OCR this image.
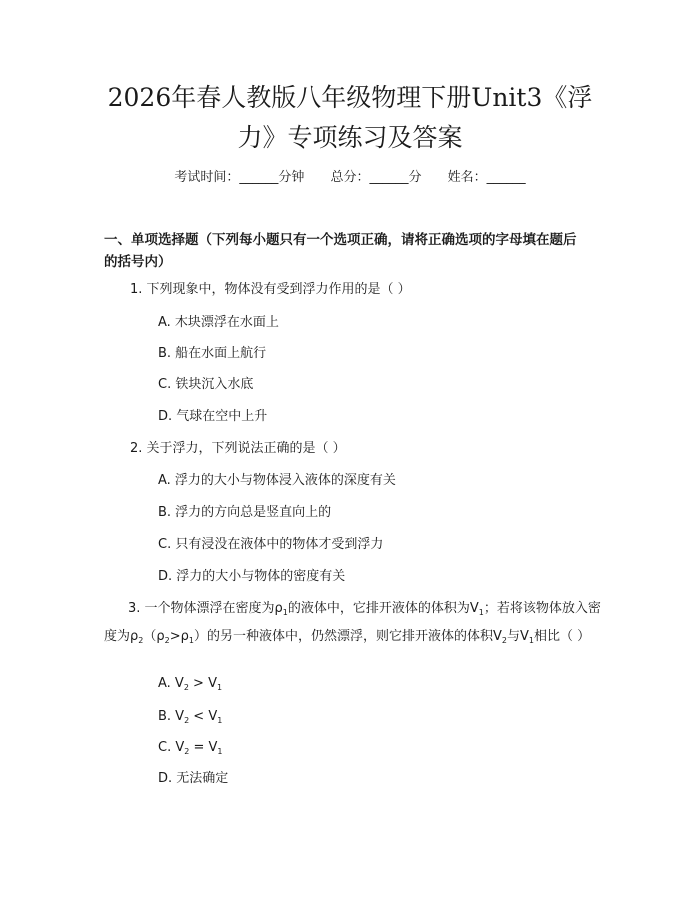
2026年春人教版八年级物理下册Unit3《浮
力》专项练习及答案
考试时间：______分钟 总分：______分 姓名：______
一、单项选择题（下列每小题只有一个选项正确，请将正确选项的字母填在题后
的括号内）
1. 下列现象中，物体没有受到浮力作用的是（ ）
A. 木块漂浮在水面上
B. 船在水面上航行
C. 铁块沉入水底
D. 气球在空中上升
2. 关于浮力，下列说法正确的是（ ）
A. 浮力的大小与物体浸入液体的深度有关
B. 浮力的方向总是竖直向上的
C. 只有浸没在液体中的物体才受到浮力
D. 浮力的大小与物体的密度有关
3. 一个物体漂浮在密度为$\rho_1$的液体中，它排开液体的体积为$V_1$；若将该物体放入密度为$\rho_2(\rho_2>\rho_1)$的另一种液体中，仍然漂浮，则它排开液体的体积$V_2$与$V_1$相比（ ）
A. $V_2 > V_1$
B. $V_2 < V_1$
C. $V_2 = V_1$
D. 无法确定
